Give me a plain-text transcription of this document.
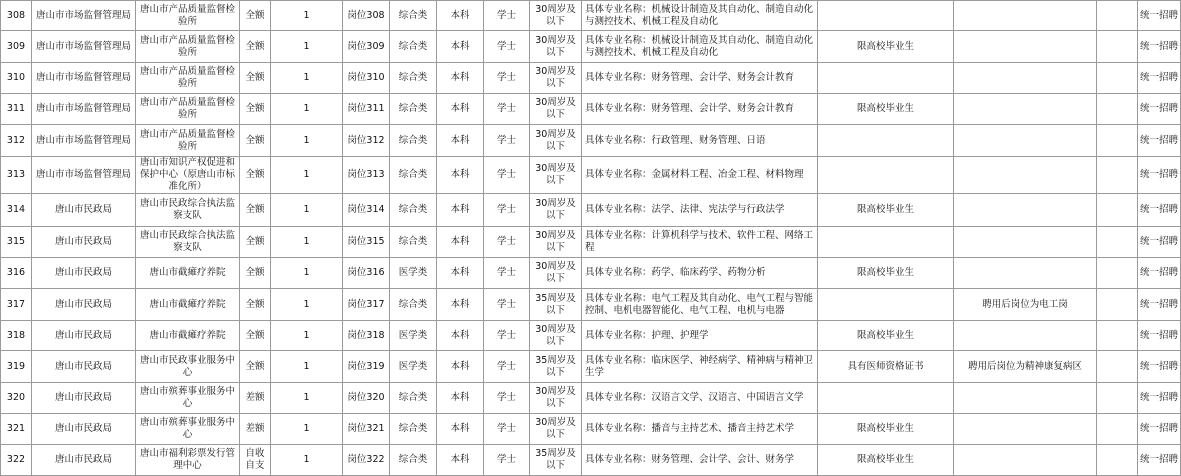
308	唐山市市场监督管理局	唐山市产品质量监督检验所	全额	1	岗位308	综合类	本科	学士	30周岁及以下	具体专业名称：机械设计制造及其自动化、制造自动化与测控技术、机械工程及自动化				统一招聘
309	唐山市市场监督管理局	唐山市产品质量监督检验所	全额	1	岗位309	综合类	本科	学士	30周岁及以下	具体专业名称：机械设计制造及其自动化、制造自动化与测控技术、机械工程及自动化	限高校毕业生			统一招聘
310	唐山市市场监督管理局	唐山市产品质量监督检验所	全额	1	岗位310	综合类	本科	学士	30周岁及以下	具体专业名称：财务管理、会计学、财务会计教育				统一招聘
311	唐山市市场监督管理局	唐山市产品质量监督检验所	全额	1	岗位311	综合类	本科	学士	30周岁及以下	具体专业名称：财务管理、会计学、财务会计教育	限高校毕业生			统一招聘
312	唐山市市场监督管理局	唐山市产品质量监督检验所	全额	1	岗位312	综合类	本科	学士	30周岁及以下	具体专业名称：行政管理、财务管理、日语				统一招聘
313	唐山市市场监督管理局	唐山市知识产权促进和保护中心（原唐山市标准化所）	全额	1	岗位313	综合类	本科	学士	30周岁及以下	具体专业名称：金属材料工程、冶金工程、材料物理				统一招聘
314	唐山市民政局	唐山市民政综合执法监察支队	全额	1	岗位314	综合类	本科	学士	30周岁及以下	具体专业名称：法学、法律、宪法学与行政法学	限高校毕业生			统一招聘
315	唐山市民政局	唐山市民政综合执法监察支队	全额	1	岗位315	综合类	本科	学士	30周岁及以下	具体专业名称：计算机科学与技术、软件工程、网络工程				统一招聘
316	唐山市民政局	唐山市截瘫疗养院	全额	1	岗位316	医学类	本科	学士	30周岁及以下	具体专业名称：药学、临床药学、药物分析	限高校毕业生			统一招聘
317	唐山市民政局	唐山市截瘫疗养院	全额	1	岗位317	综合类	本科	学士	35周岁及以下	具体专业名称：电气工程及其自动化、电气工程与智能控制、电机电器智能化、电气工程、电机与电器		聘用后岗位为电工岗		统一招聘
318	唐山市民政局	唐山市截瘫疗养院	全额	1	岗位318	医学类	本科	学士	30周岁及以下	具体专业名称：护理、护理学	限高校毕业生			统一招聘
319	唐山市民政局	唐山市民政事业服务中心	全额	1	岗位319	医学类	本科	学士	35周岁及以下	具体专业名称：临床医学、神经病学、精神病与精神卫生学	具有医师资格证书	聘用后岗位为精神康复病区		统一招聘
320	唐山市民政局	唐山市殡葬事业服务中心	差额	1	岗位320	综合类	本科	学士	30周岁及以下	具体专业名称：汉语言文学、汉语言、中国语言文学				统一招聘
321	唐山市民政局	唐山市殡葬事业服务中心	差额	1	岗位321	综合类	本科	学士	30周岁及以下	具体专业名称：播音与主持艺术、播音主持艺术学	限高校毕业生			统一招聘
322	唐山市民政局	唐山市福利彩票发行管理中心	自收自支	1	岗位322	综合类	本科	学士	35周岁及以下	具体专业名称：财务管理、会计学、会计、财务学	限高校毕业生			统一招聘
